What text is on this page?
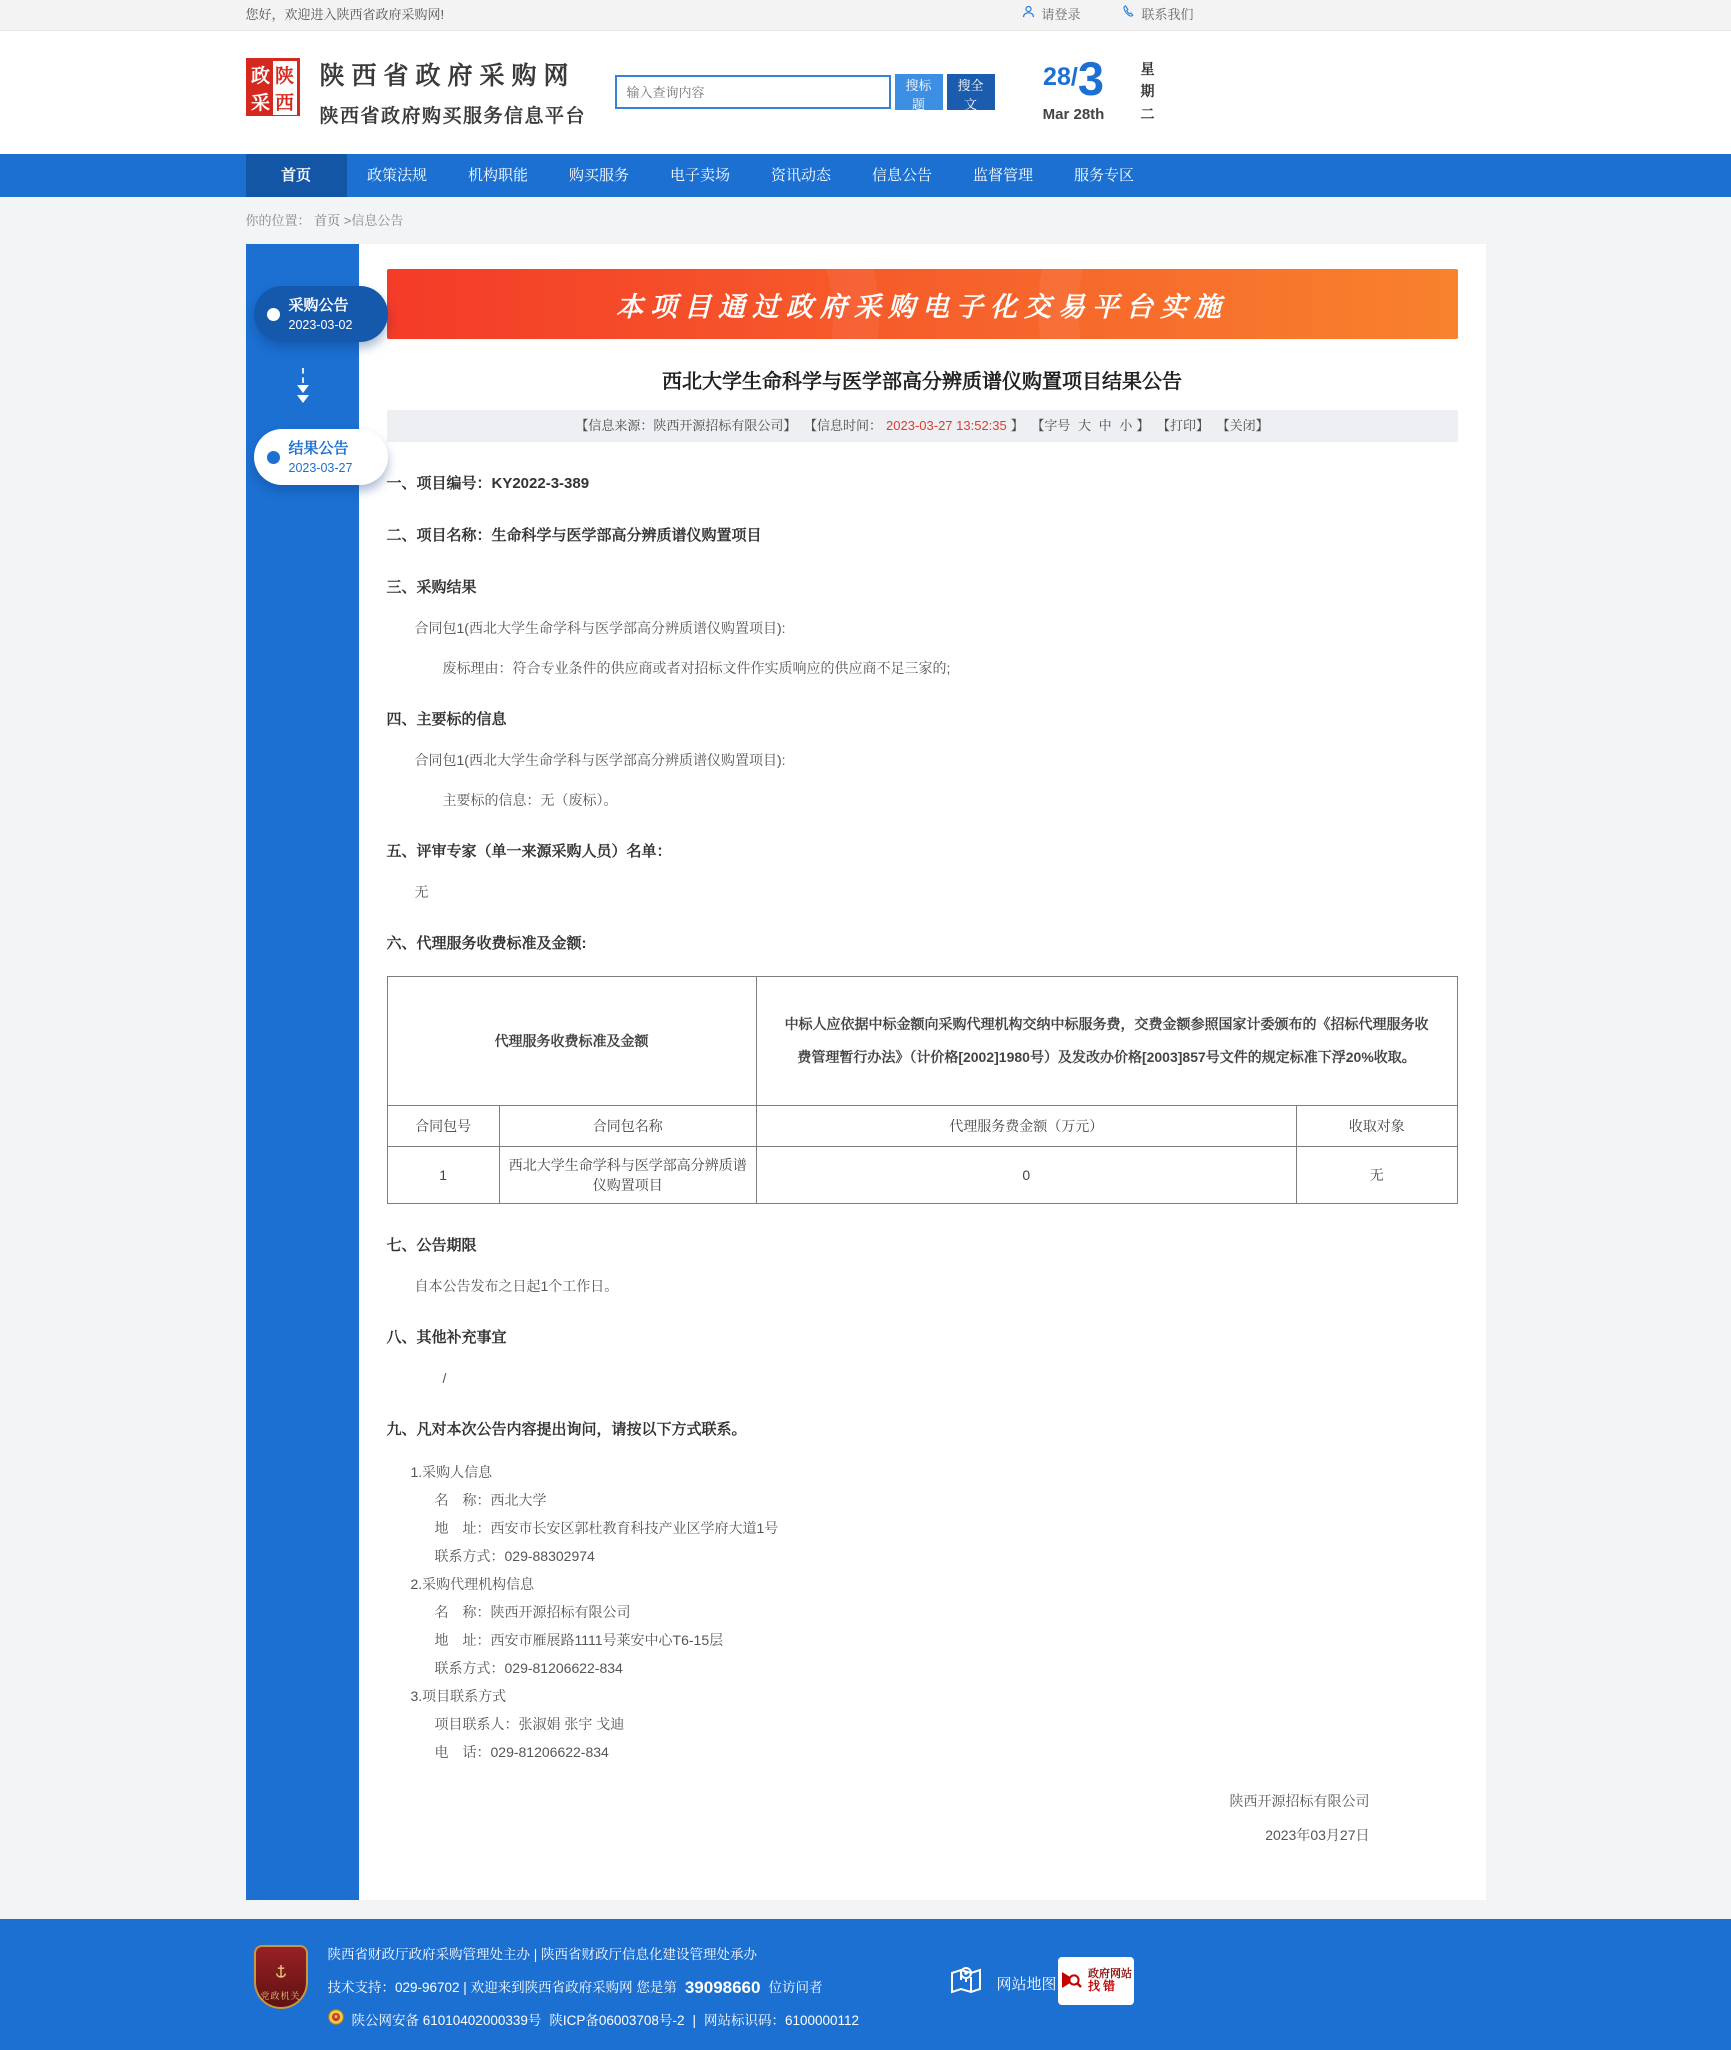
您好，欢迎进入陕西省政府采购网!	请登录	联系我们
政 陕
采 西
陕西省政府采购网
陕西省政府购买服务信息平台
输入查询内容
搜标题
搜全文
28/3
Mar 28th
星期二
首页	政策法规	机构职能	购买服务	电子卖场	资讯动态	信息公告	监督管理	服务专区
你的位置： 首页 >信息公告
采购公告
2023-03-02
结果公告
2023-03-27
本项目通过政府采购电子化交易平台实施
西北大学生命科学与医学部高分辨质谱仪购置项目结果公告
【信息来源：陕西开源招标有限公司】 【信息时间： 2023-03-27 13:52:35 】 【字号 大 中 小 】 【打印】 【关闭】
一、项目编号：KY2022-3-389
二、项目名称：生命科学与医学部高分辨质谱仪购置项目
三、采购结果
合同包1(西北大学生命学科与医学部高分辨质谱仪购置项目):
废标理由：符合专业条件的供应商或者对招标文件作实质响应的供应商不足三家的;
四、主要标的信息
合同包1(西北大学生命学科与医学部高分辨质谱仪购置项目):
主要标的信息：无（废标）。
五、评审专家（单一来源采购人员）名单：
无
六、代理服务收费标准及金额:
代理服务收费标准及金额		中标人应依据中标金额向采购代理机构交纳中标服务费，交费金额参照国家计委颁布的《招标代理服务收费管理暂行办法》（计价格[2002]1980号）及发改办价格[2003]857号文件的规定标准下浮20%收取。	
合同包号	合同包名称	代理服务费金额（万元）	收取对象
1	西北大学生命学科与医学部高分辨质谱仪购置项目	0	无
七、公告期限
自本公告发布之日起1个工作日。
八、其他补充事宜
/
九、凡对本次公告内容提出询问，请按以下方式联系。
1.采购人信息
名　称：西北大学
地　址：西安市长安区郭杜教育科技产业区学府大道1号
联系方式：029-88302974
2.采购代理机构信息
名　称：陕西开源招标有限公司
地　址：西安市雁展路1111号莱安中心T6-15层
联系方式：029-81206622-834
3.项目联系方式
项目联系人：张淑娟 张宇 戈迪
电　话：029-81206622-834
陕西开源招标有限公司
2023年03月27日
党政机关
陕西省财政厅政府采购管理处主办 | 陕西省财政厅信息化建设管理处承办
技术支持：029-96702 | 欢迎来到陕西省政府采购网 您是第 39098660 位访问者
陕公网安备 61010402000339号 陕ICP备06003708号-2 | 网站标识码：6100000112
网站地图
政府网站
找错
